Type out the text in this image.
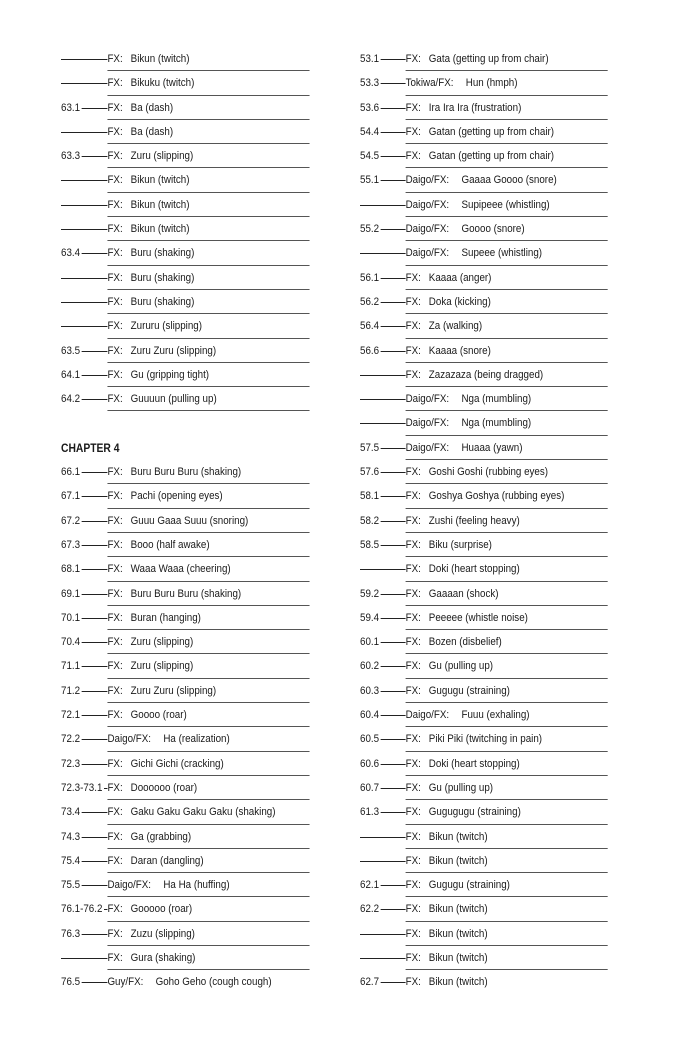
FX: Bikun (twitch)
FX: Bikuku (twitch)
63.1 FX: Ba (dash)
FX: Ba (dash)
63.3 FX: Zuru (slipping)
FX: Bikun (twitch)
FX: Bikun (twitch)
FX: Bikun (twitch)
63.4 FX: Buru (shaking)
FX: Buru (shaking)
FX: Buru (shaking)
FX: Zururu (slipping)
63.5 FX: Zuru Zuru (slipping)
64.1 FX: Gu (gripping tight)
64.2 FX: Guuuun (pulling up)
CHAPTER 4
66.1 FX: Buru Buru Buru (shaking)
67.1 FX: Pachi (opening eyes)
67.2 FX: Guuu Gaaa Suuu (snoring)
67.3 FX: Booo (half awake)
68.1 FX: Waaa Waaa (cheering)
69.1 FX: Buru Buru Buru (shaking)
70.1 FX: Buran (hanging)
70.4 FX: Zuru (slipping)
71.1 FX: Zuru (slipping)
71.2 FX: Zuru Zuru (slipping)
72.1 FX: Goooo (roar)
72.2 Daigo/FX: Ha (realization)
72.3 FX: Gichi Gichi (cracking)
72.3-73.1 FX: Doooooo (roar)
73.4 FX: Gaku Gaku Gaku Gaku (shaking)
74.3 FX: Ga (grabbing)
75.4 FX: Daran (dangling)
75.5 Daigo/FX: Ha Ha (huffing)
76.1-76.2 FX: Gooooo (roar)
76.3 FX: Zuzu (slipping)
FX: Gura (shaking)
76.5 Guy/FX: Goho Geho (cough cough)
53.1 FX: Gata (getting up from chair)
53.3 Tokiwa/FX: Hun (hmph)
53.6 FX: Ira Ira Ira (frustration)
54.4 FX: Gatan (getting up from chair)
54.5 FX: Gatan (getting up from chair)
55.1 Daigo/FX: Gaaaa Goooo (snore)
Daigo/FX: Supipeee (whistling)
55.2 Daigo/FX: Goooo (snore)
Daigo/FX: Supeee (whistling)
56.1 FX: Kaaaa (anger)
56.2 FX: Doka (kicking)
56.4 FX: Za (walking)
56.6 FX: Kaaaa (snore)
FX: Zazazaza (being dragged)
Daigo/FX: Nga (mumbling)
Daigo/FX: Nga (mumbling)
57.5 Daigo/FX: Huaaa (yawn)
57.6 FX: Goshi Goshi (rubbing eyes)
58.1 FX: Goshya Goshya (rubbing eyes)
58.2 FX: Zushi (feeling heavy)
58.5 FX: Biku (surprise)
FX: Doki (heart stopping)
59.2 FX: Gaaaan (shock)
59.4 FX: Peeeee (whistle noise)
60.1 FX: Bozen (disbelief)
60.2 FX: Gu (pulling up)
60.3 FX: Gugugu (straining)
60.4 Daigo/FX: Fuuu (exhaling)
60.5 FX: Piki Piki (twitching in pain)
60.6 FX: Doki (heart stopping)
60.7 FX: Gu (pulling up)
61.3 FX: Gugugugu (straining)
FX: Bikun (twitch)
FX: Bikun (twitch)
62.1 FX: Gugugu (straining)
62.2 FX: Bikun (twitch)
FX: Bikun (twitch)
FX: Bikun (twitch)
62.7 FX: Bikun (twitch)
